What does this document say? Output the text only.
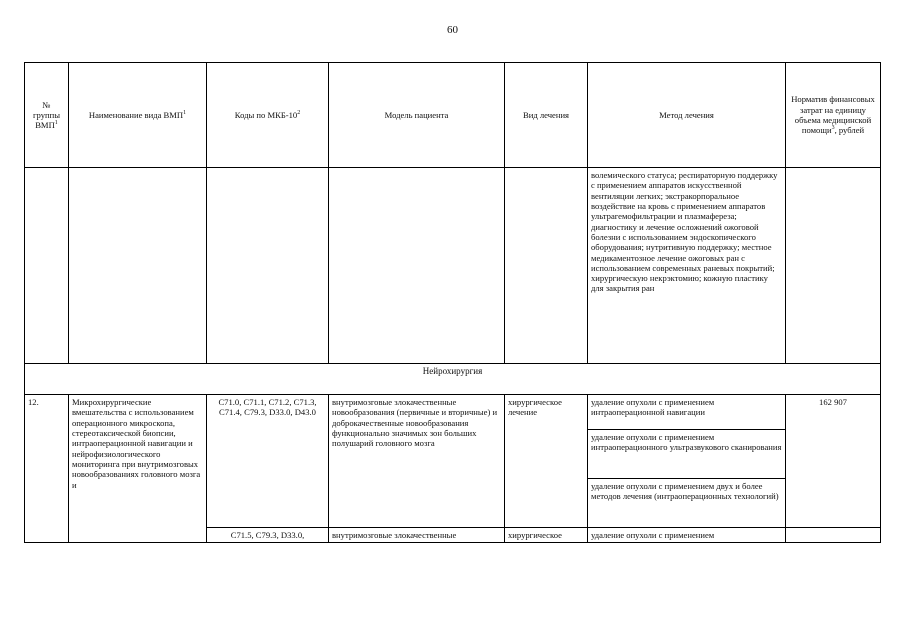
60
№ группы ВМП$^1$	Наименование вида ВМП$^1$	Коды по МКБ-$10^2$	Модель пациента	Вид лечения	Метод лечения	Норматив финансовых затрат на единицу объема медицинской помощи$^3$, рублей
					волемического статуса; респираторную поддержку с применением аппаратов искусственной вентиляции легких; экстракорпоральное воздействие на кровь с применением аппаратов ультрагемофильтрации и плазмафереза; диагностику и лечение осложнений ожоговой болезни с использованием эндоскопического оборудования; нутритивную поддержку; местное медикаментозное лечение ожоговых ран с использованием современных раневых покрытий; хирургическую некрэктомию; кожную пластику для закрытия ран	
Нейрохирургия						
12.	Микрохирургические вмешательства с использованием операционного микроскопа, стереотаксической биопсии, интраоперационной навигации и нейрофизиологического мониторинга при внутримозговых новообразованиях головного мозга и	C71.0, C71.1, C71.2, C71.3, C71.4, C79.3, D33.0, D43.0	внутримозговые злокачественные новообразования (первичные и вторичные) и доброкачественные новообразования функционально значимых зон больших полушарий головного мозга	хирургическое лечение	удаление опухоли с применением интраоперационной навигации	162 907
					удаление опухоли с применением интраоперационного ультразвукового сканирования	
					удаление опухоли с применением двух и более методов лечения (интраоперационных технологий)	
		C71.5, C79.3, D33.0,	внутримозговые злокачественные	хирургическое	удаление опухоли с применением	
